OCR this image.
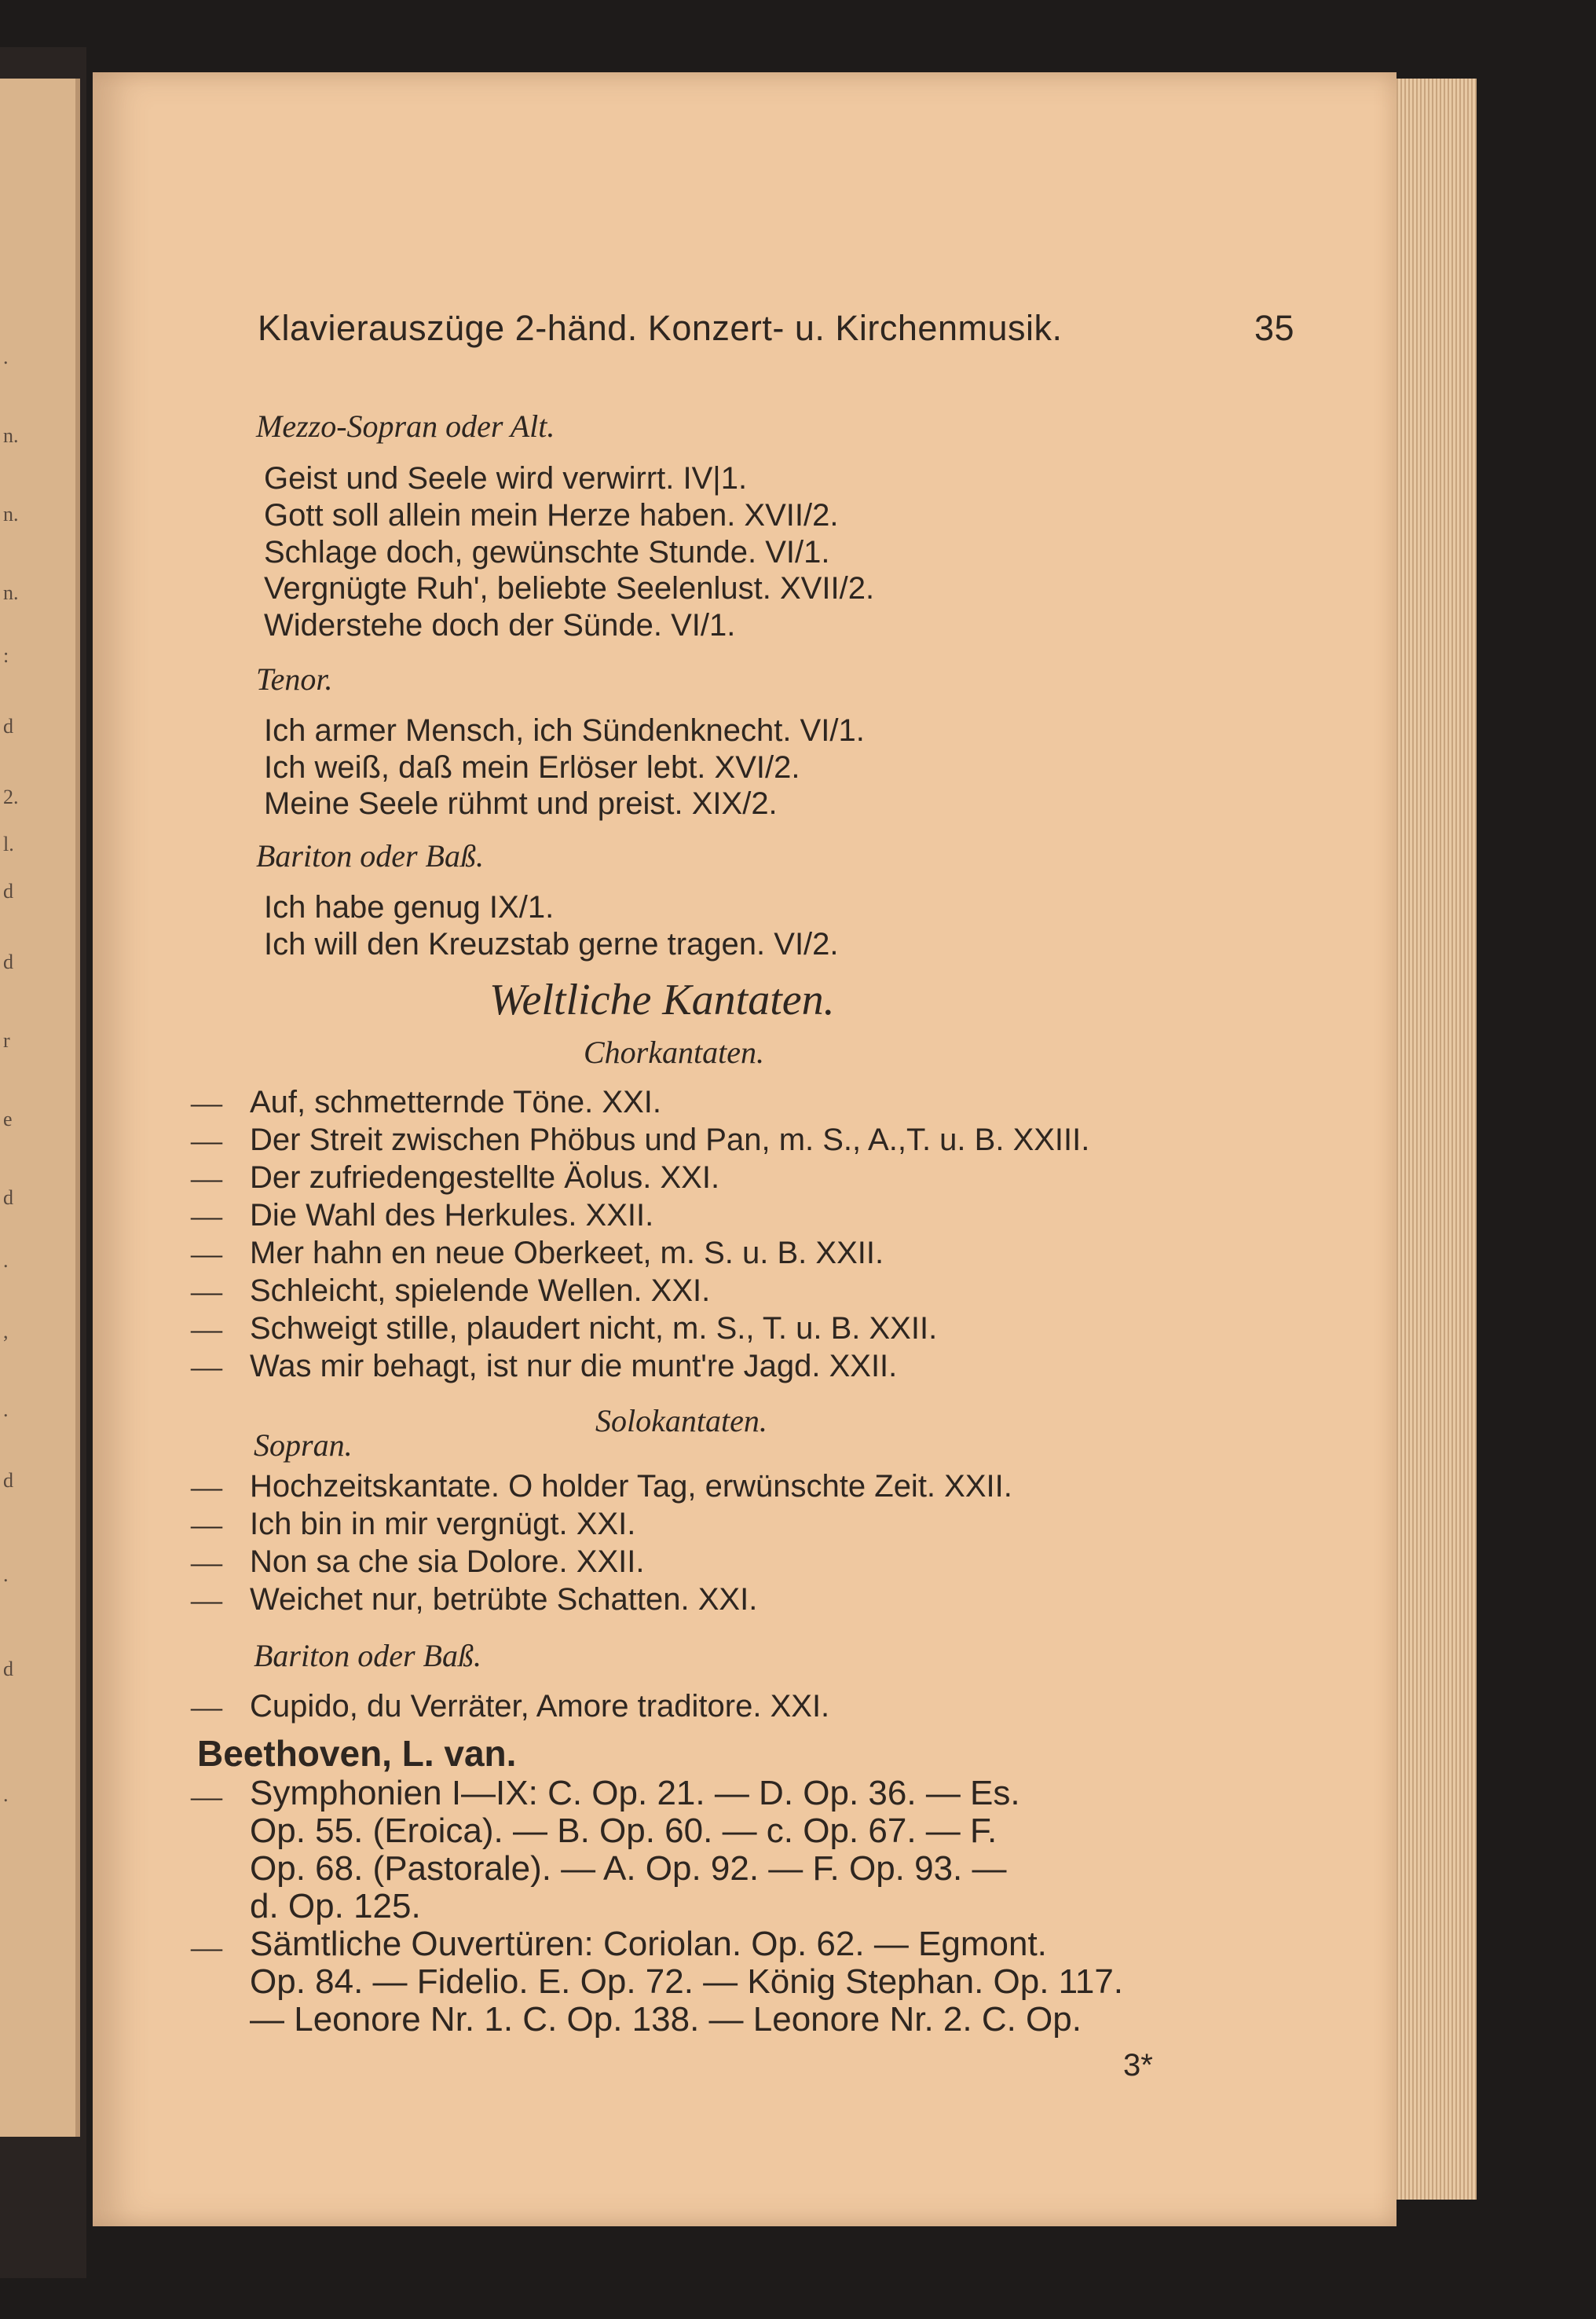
.
n.
n.
n.
:
d
2.
l.
d
d
r
e
d
.
,
.
d
.
d
.
Klavierauszüge 2-händ. Konzert- u. Kirchenmusik.	35
Mezzo-Sopran oder Alt.
Geist und Seele wird verwirrt. IV|1.
Gott soll allein mein Herze haben. XVII/2.
Schlage doch, gewünschte Stunde. VI/1.
Vergnügte Ruh', beliebte Seelenlust. XVII/2.
Widerstehe doch der Sünde. VI/1.
Tenor.
Ich armer Mensch, ich Sündenknecht. VI/1.
Ich weiß, daß mein Erlöser lebt. XVI/2.
Meine Seele rühmt und preist. XIX/2.
Bariton oder Baß.
Ich habe genug IX/1.
Ich will den Kreuzstab gerne tragen. VI/2.
Weltliche Kantaten.
Chorkantaten.
— Auf, schmetternde Töne. XXI.
— Der Streit zwischen Phöbus und Pan, m. S., A.,T. u. B. XXIII.
— Der zufriedengestellte Äolus. XXI.
— Die Wahl des Herkules. XXII.
— Mer hahn en neue Oberkeet, m. S. u. B. XXII.
— Schleicht, spielende Wellen. XXI.
— Schweigt stille, plaudert nicht, m. S., T. u. B. XXII.
— Was mir behagt, ist nur die munt're Jagd. XXII.
Solokantaten.
Sopran.
— Hochzeitskantate. O holder Tag, erwünschte Zeit. XXII.
— Ich bin in mir vergnügt. XXI.
— Non sa che sia Dolore. XXII.
— Weichet nur, betrübte Schatten. XXI.
Bariton oder Baß.
— Cupido, du Verräter, Amore traditore. XXI.
Beethoven, L. van.
— Symphonien I—IX: C. Op. 21. — D. Op. 36. — Es.
Op. 55. (Eroica). — B. Op. 60. — c. Op. 67. — F.
Op. 68. (Pastorale). — A. Op. 92. — F. Op. 93. —
d. Op. 125.
— Sämtliche Ouvertüren: Coriolan. Op. 62. — Egmont.
Op. 84. — Fidelio. E. Op. 72. — König Stephan. Op. 117.
— Leonore Nr. 1. C. Op. 138. — Leonore Nr. 2. C. Op.
3*
